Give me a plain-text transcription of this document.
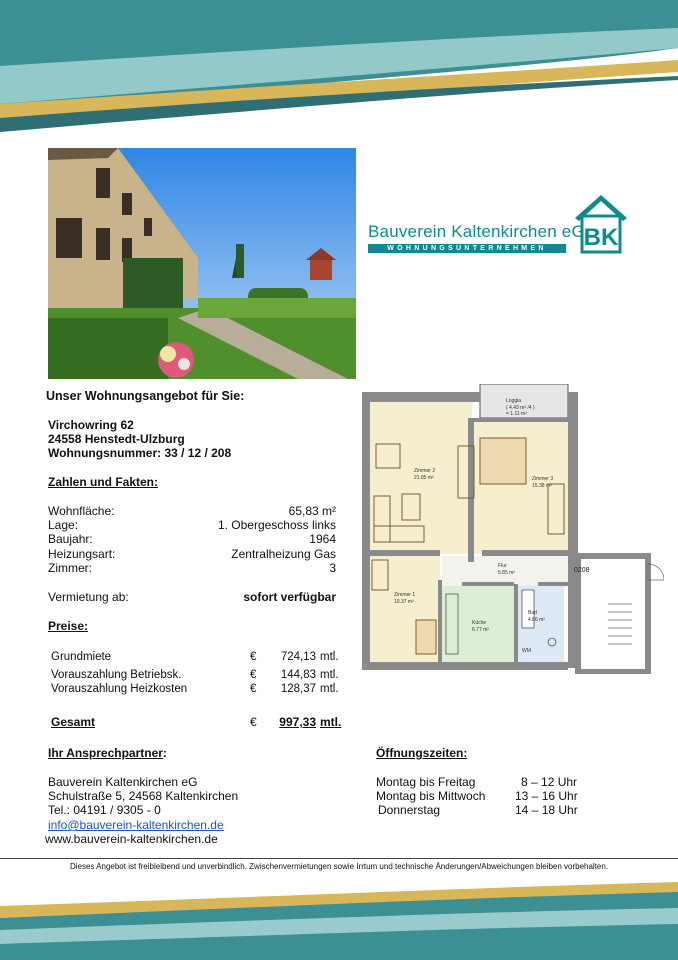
Bauverein Kaltenkirchen eG
WOHNUNGSUNTERNEHMEN	BK
Unser Wohnungsangebot für Sie:
Virchowring 62
24558 Henstedt-Ulzburg
Wohnungsnummer: 33 / 12 / 208
Zahlen und Fakten:
Wohnfläche:	65,83 m²
Lage:	1. Obergeschoss links
Baujahr:	1964
Heizungsart:	Zentralheizung Gas
Zimmer:	3
Vermietung ab:	sofort verfügbar
Preise:
Grundmiete	€	724,13 mtl.
Vorauszahlung Betriebsk.	€	144,83 mtl.
Vorauszahlung Heizkosten	€	128,37 mtl.
Gesamt	€	997,33 mtl.
Ihr Ansprechpartner:
Bauverein Kaltenkirchen eG
Schulstraße 5, 24568 Kaltenkirchen
Tel.: 04191 / 9305 - 0
info@bauverein-kaltenkirchen.de
www.bauverein-kaltenkirchen.de
Öffnungszeiten:
Montag bis Freitag	8 – 12 Uhr
Montag bis Mittwoch 13 – 16 Uhr
Donnerstag	14 – 18 Uhr
Dieses Angebot ist freibleibend und unverbindlich. Zwischenvermietungen sowie Irrtum und technische Änderungen/Abweichungen bleiben vorbehalten.
Loggia
( 4.43 m² /4 )
= 1.11 m²
Zimmer 2
21.85 m²	Zimmer 3
15.38 m²
Flur
5.85 m²
Zimmer 1
10.37 m²
Küche
6.77 m²
Bad
4.86 m²
WM
0208
